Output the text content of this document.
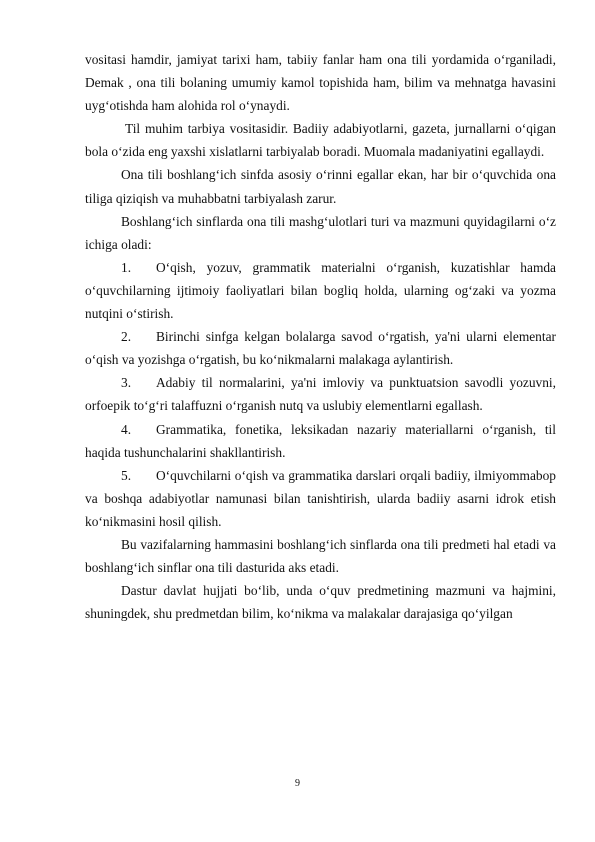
vositasi hamdir, jamiyat tarixi ham, tabiiy fanlar ham ona tili yordamida o‘rganiladi, Demak , ona tili bolaning umumiy kamol topishida ham, bilim va mehnatga havasini uyg‘otishda ham alohida rol o‘ynaydi.

Til muhim tarbiya vositasidir. Badiiy adabiyotlarni, gazeta, jurnallarni o‘qigan bola o‘zida eng yaxshi xislatlarni tarbiyalab boradi. Muomala madaniyatini egallaydi.

Ona tili boshlang‘ich sinfda asosiy o‘rinni egallar ekan, har bir o‘quvchida ona tiliga qiziqish va muhabbatni tarbiyalash zarur.

Boshlang‘ich sinflarda ona tili mashg‘ulotlari turi va mazmuni quyidagilarni o‘z ichiga oladi:

1. O‘qish, yozuv, grammatik materialni o‘rganish, kuzatishlar hamda o‘quvchilarning ijtimoiy faoliyatlari bilan bogliq holda, ularning og‘zaki va yozma nutqini o‘stirish.

2. Birinchi sinfga kelgan bolalarga savod o‘rgatish, ya'ni ularni elementar o‘qish va yozishga o‘rgatish, bu ko‘nikmalarni malakaga aylantirish.

3. Adabiy til normalarini, ya'ni imloviy va punktuatsion savodli yozuvni, orfoepik to‘g‘ri talaffuzni o‘rganish nutq va uslubiy elementlarni egallash.

4. Grammatika, fonetika, leksikadan nazariy materiallarni o‘rganish, til haqida tushunchalarini shakllantirish.

5. O‘quvchilarni o‘qish va grammatika darslari orqali badiiy, ilmiyommabop va boshqa adabiyotlar namunasi bilan tanishtirish, ularda badiiy asarni idrok etish ko‘nikmasini hosil qilish.

Bu vazifalarning hammasini boshlang‘ich sinflarda ona tili predmeti hal etadi va boshlang‘ich sinflar ona tili dasturida aks etadi.

Dastur davlat hujjati bo‘lib, unda o‘quv predmetining mazmuni va hajmini, shuningdek, shu predmetdan bilim, ko‘nikma va malakalar darajasiga qo‘yilgan

9
